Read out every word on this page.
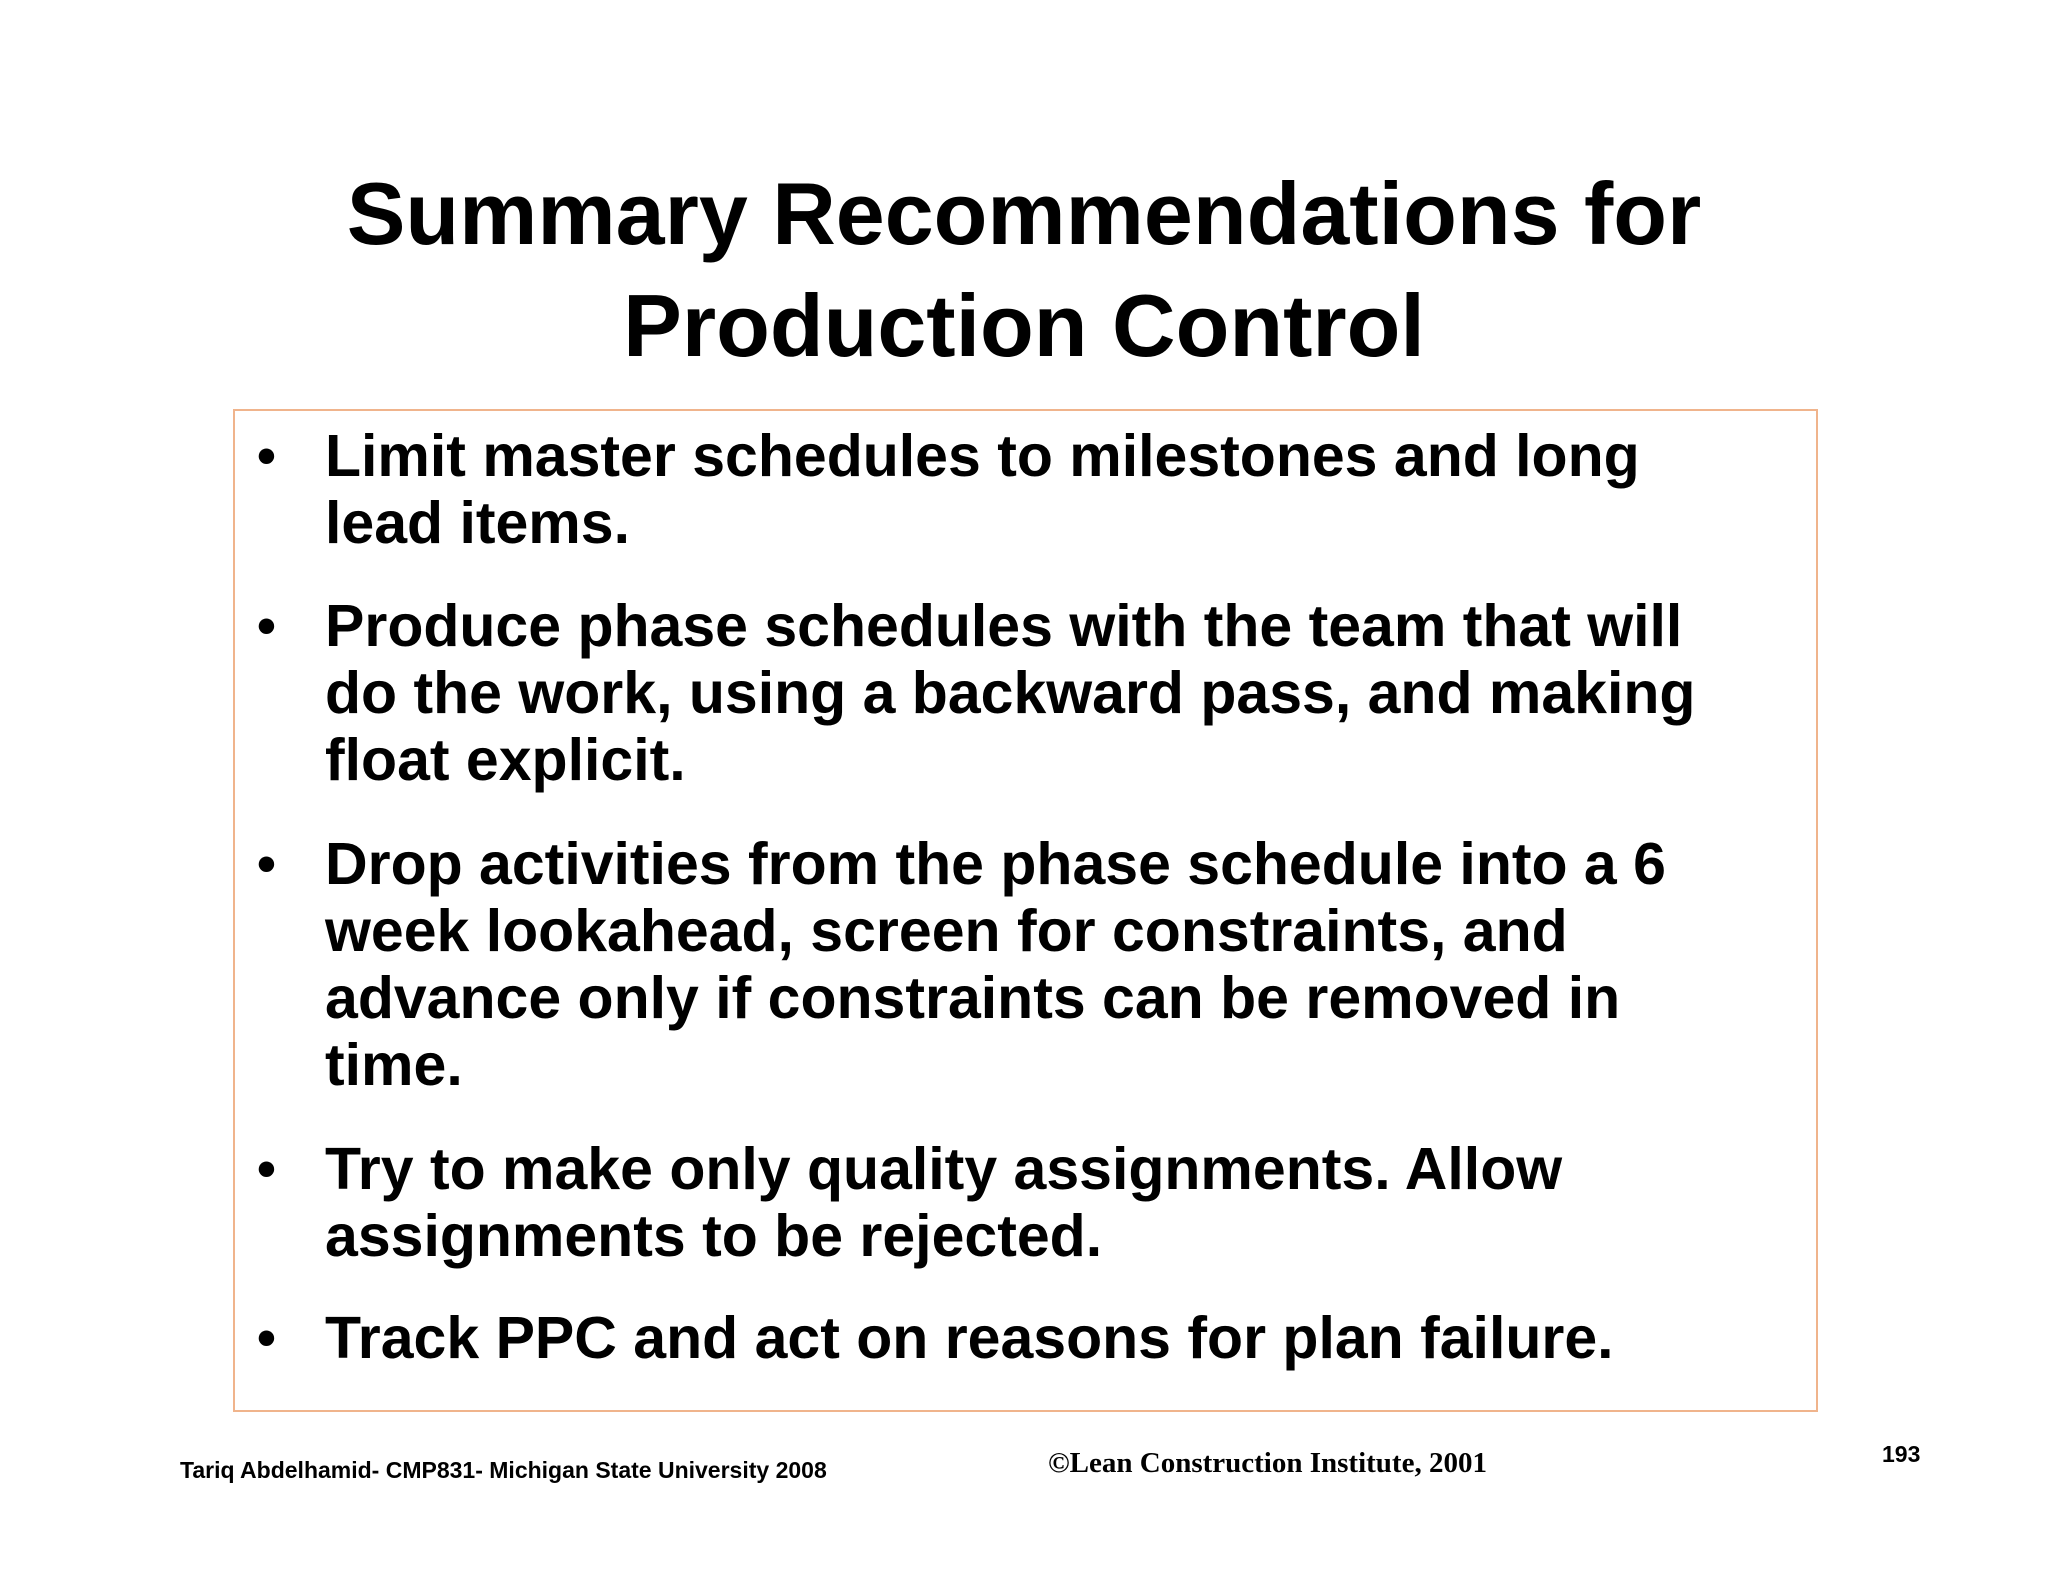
Summary Recommendations for
Production Control
• Limit master schedules to milestones and long
lead items.
• Produce phase schedules with the team that will
do the work, using a backward pass, and making
float explicit.
• Drop activities from the phase schedule into a 6
week lookahead, screen for constraints, and
advance only if constraints can be removed in
time.
• Try to make only quality assignments. Allow
assignments to be rejected.
• Track PPC and act on reasons for plan failure.
Tariq Abdelhamid- CMP831- Michigan State University 2008	©Lean Construction Institute, 2001	193
